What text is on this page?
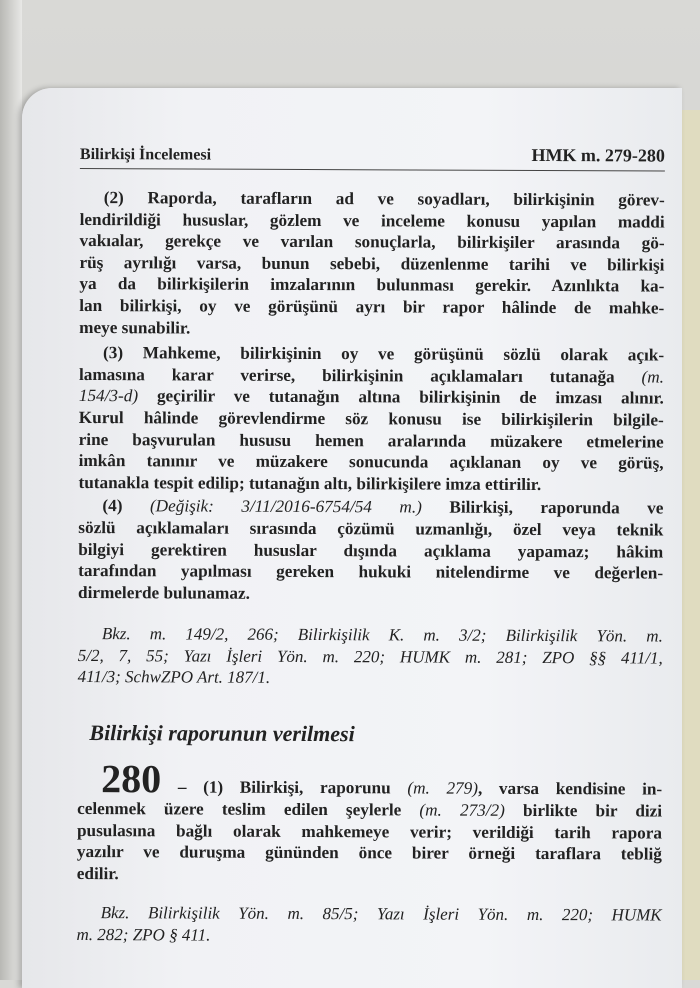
Bilirkişi İncelemesi	HMK m. 279-280
(2) Raporda, tarafların ad ve soyadları, bilirkişinin görev-
lendirildiği hususlar, gözlem ve inceleme konusu yapılan maddi
vakıalar, gerekçe ve varılan sonuçlarla, bilirkişiler arasında gö-
rüş ayrılığı varsa, bunun sebebi, düzenlenme tarihi ve bilirkişi
ya da bilirkişilerin imzalarının bulunması gerekir. Azınlıkta ka-
lan bilirkişi, oy ve görüşünü ayrı bir rapor hâlinde de mahke-
meye sunabilir.
(3) Mahkeme, bilirkişinin oy ve görüşünü sözlü olarak açık-
lamasına karar verirse, bilirkişinin açıklamaları tutanağa (m.
154/3-d) geçirilir ve tutanağın altına bilirkişinin de imzası alınır.
Kurul hâlinde görevlendirme söz konusu ise bilirkişilerin bilgile-
rine başvurulan hususu hemen aralarında müzakere etmelerine
imkân tanınır ve müzakere sonucunda açıklanan oy ve görüş,
tutanakla tespit edilip; tutanağın altı, bilirkişilere imza ettirilir.
(4) (Değişik: 3/11/2016-6754/54 m.) Bilirkişi, raporunda ve
sözlü açıklamaları sırasında çözümü uzmanlığı, özel veya teknik
bilgiyi gerektiren hususlar dışında açıklama yapamaz; hâkim
tarafından yapılması gereken hukuki nitelendirme ve değerlen-
dirmelerde bulunamaz.
Bkz. m. 149/2, 266; Bilirkişilik K. m. 3/2; Bilirkişilik Yön. m.
5/2, 7, 55; Yazı İşleri Yön. m. 220; HUMK m. 281; ZPO §§ 411/1,
411/3; SchwZPO Art. 187/1.
Bilirkişi raporunun verilmesi
280 – (1) Bilirkişi, raporunu (m. 279), varsa kendisine in-
celenmek üzere teslim edilen şeylerle (m. 273/2) birlikte bir dizi
pusulasına bağlı olarak mahkemeye verir; verildiği tarih rapora
yazılır ve duruşma gününden önce birer örneği taraflara tebliğ
edilir.
Bkz. Bilirkişilik Yön. m. 85/5; Yazı İşleri Yön. m. 220; HUMK
m. 282; ZPO § 411.
